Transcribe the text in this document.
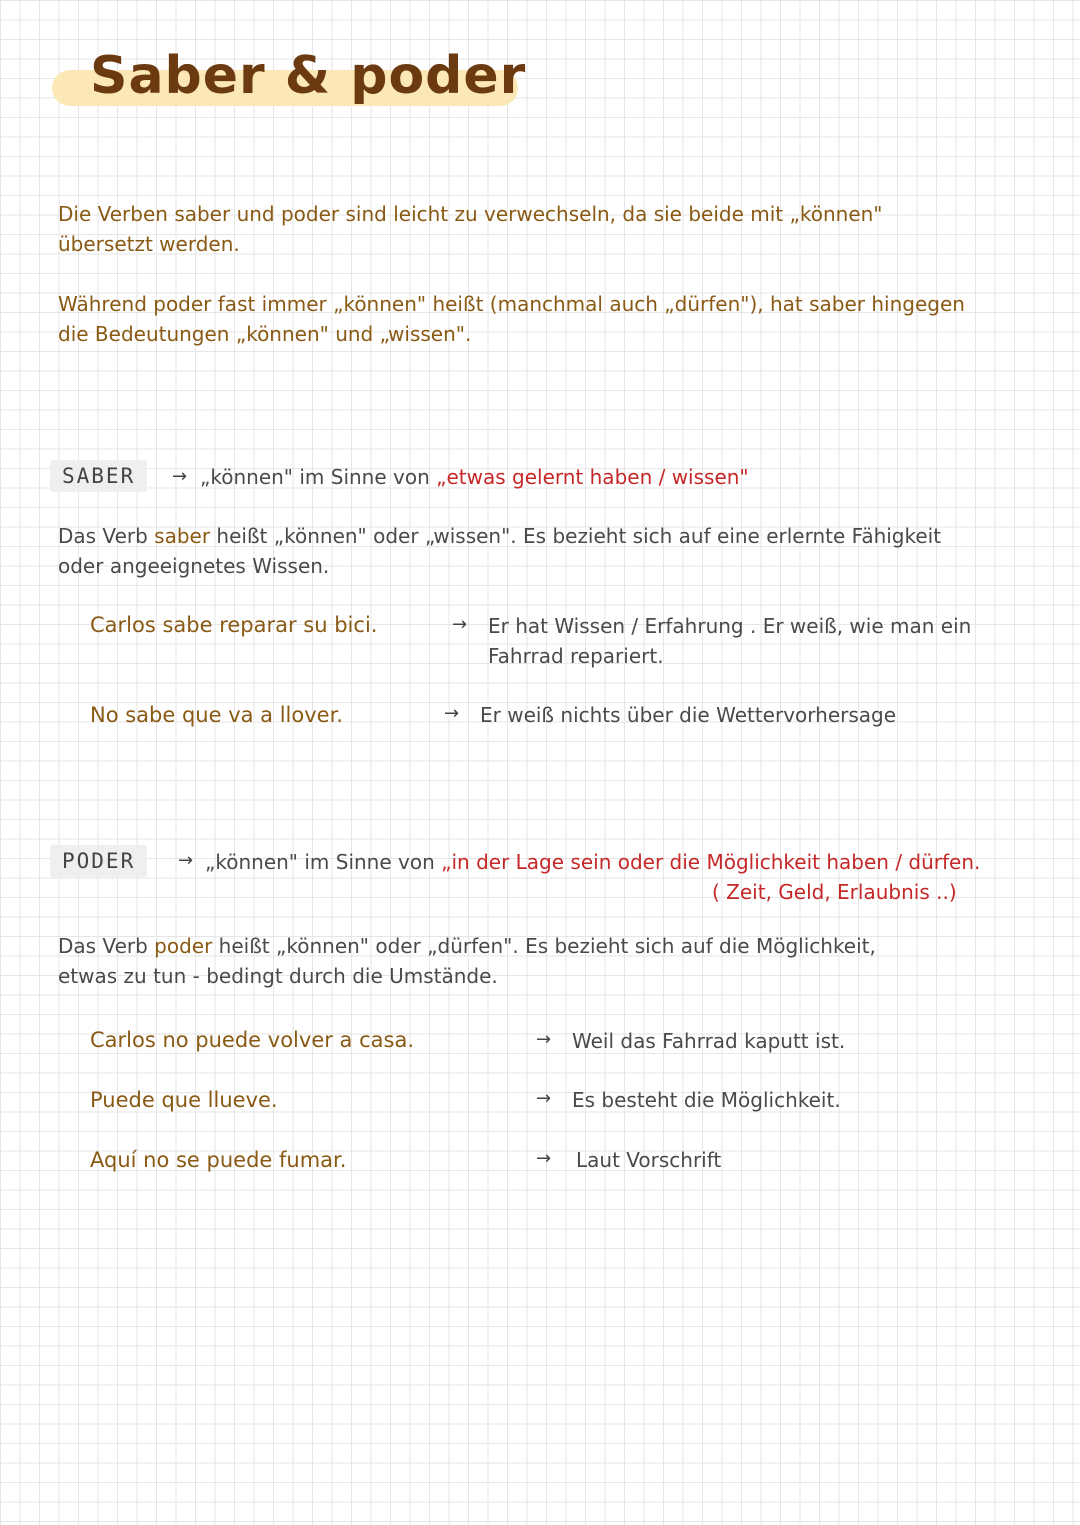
Saber & poder
Die Verben saber und poder sind leicht zu verwechseln, da sie beide mit „können"
übersetzt werden.
Während poder fast immer „können" heißt (manchmal auch „dürfen"), hat saber hingegen
die Bedeutungen „können" und „wissen".
SABER	→ „können" im Sinne von „etwas gelernt haben / wissen"
Das Verb saber heißt „können" oder „wissen". Es bezieht sich auf eine erlernte Fähigkeit
oder angeeignetes Wissen.
Carlos sabe reparar su bici.	→ Er hat Wissen / Erfahrung . Er weiß, wie man ein
Fahrrad repariert.
No sabe que va a llover.	→ Er weiß nichts über die Wettervorhersage
PODER	→ „können" im Sinne von „in der Lage sein oder die Möglichkeit haben / dürfen.
( Zeit, Geld, Erlaubnis ..)
Das Verb poder heißt „können" oder „dürfen". Es bezieht sich auf die Möglichkeit,
etwas zu tun - bedingt durch die Umstände.
Carlos no puede volver a casa.	→ Weil das Fahrrad kaputt ist.
Puede que llueve.	→ Es besteht die Möglichkeit.
Aquí no se puede fumar.	→ Laut Vorschrift
